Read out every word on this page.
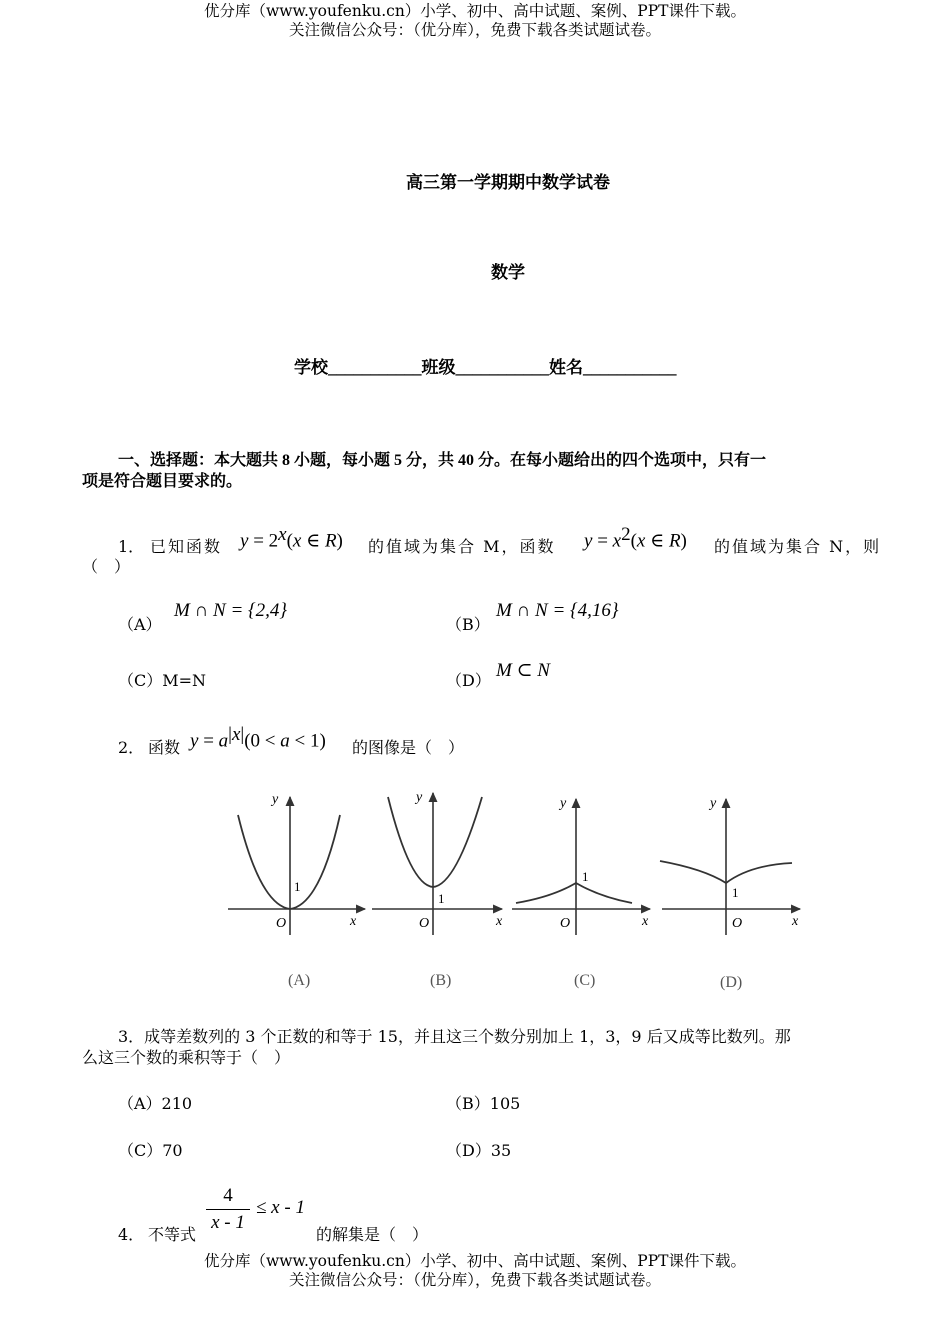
优分库（www.youfenku.cn）小学、初中、高中试题、案例、PPT课件下载。
关注微信公众号：（优分库），免费下载各类试题试卷。
高三第一学期期中数学试卷
数学
学校___________班级___________姓名___________
一、选择题：本大题共 8 小题，每小题 5 分，共 40 分。在每小题给出的四个选项中，只有一
项是符合题目要求的。
1． 已知函数 $y = 2^x(x$ ∈ R) 的值域为集合 M，函数 $y = x^2(x$ ∈ R) 的值域为集合 N，则
（　）
（A）
M ∩ N = {2,4}
（B）
M ∩ N = {4,16}
（C）M=N	（D） M ⊂ N
2． 函数 $y = a^{|x|}(0 < a < 1)$ 的图像是（　）
y
x
O
1
(A)
y
x
O
1
(B)
y
x
O
1
(C)
y
x
O
1
(D)
3．成等差数列的 3 个正数的和等于 15，并且这三个数分别加上 1，3，9 后又成等比数列。那
么这三个数的乘积等于（　）
（A）210	（B）105
（C）70	（D）35
4． 不等式
4
x - 1
≤ x - 1
的解集是（　）
优分库（www.youfenku.cn）小学、初中、高中试题、案例、PPT课件下载。
关注微信公众号：（优分库），免费下载各类试题试卷。
